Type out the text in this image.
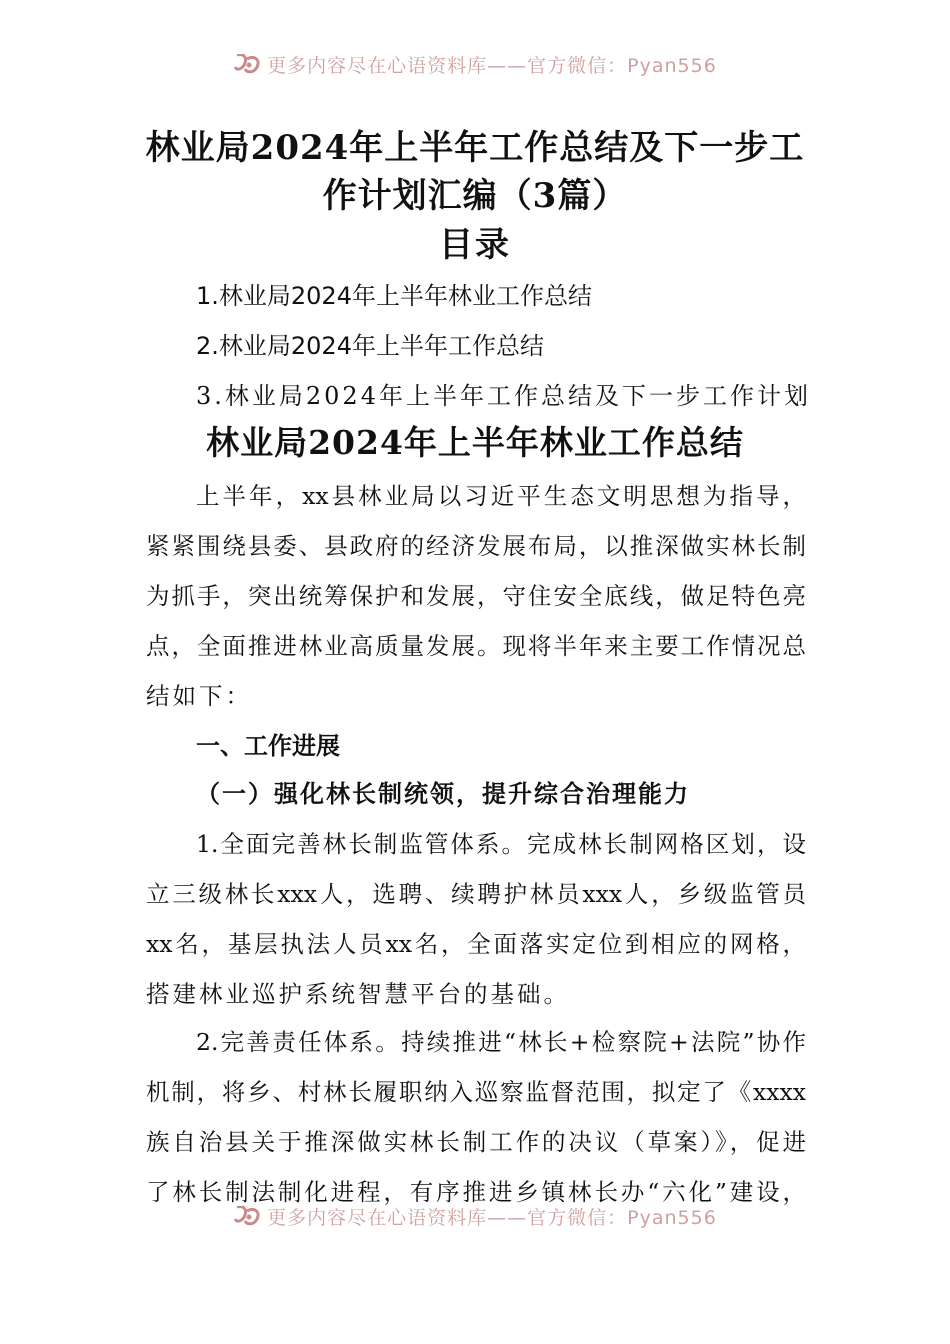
更多内容尽在心语资料库——官方微信：Pyan556
林业局2024年上半年工作总结及下一步工
作计划汇编（3篇）
目录
1.林业局2024年上半年林业工作总结
2.林业局2024年上半年工作总结
3.林业局2024年上半年工作总结及下一步工作计划
林业局2024年上半年林业工作总结
上半年，xx县林业局以习近平生态文明思想为指导，
紧紧围绕县委、县政府的经济发展布局，以推深做实林长制
为抓手，突出统筹保护和发展，守住安全底线，做足特色亮
点，全面推进林业高质量发展。现将半年来主要工作情况总
结如下：
一、工作进展
（一）强化林长制统领，提升综合治理能力
1.全面完善林长制监管体系。完成林长制网格区划，设
立三级林长xxx人，选聘、续聘护林员xxx人，乡级监管员
xx名，基层执法人员xx名，全面落实定位到相应的网格，
搭建林业巡护系统智慧平台的基础。
2.完善责任体系。持续推进“林长+检察院+法院”协作
机制，将乡、村林长履职纳入巡察监督范围，拟定了《xxxx
族自治县关于推深做实林长制工作的决议（草案）》，促进
了林长制法制化进程，有序推进乡镇林长办“六化”建设，
更多内容尽在心语资料库——官方微信：Pyan556
